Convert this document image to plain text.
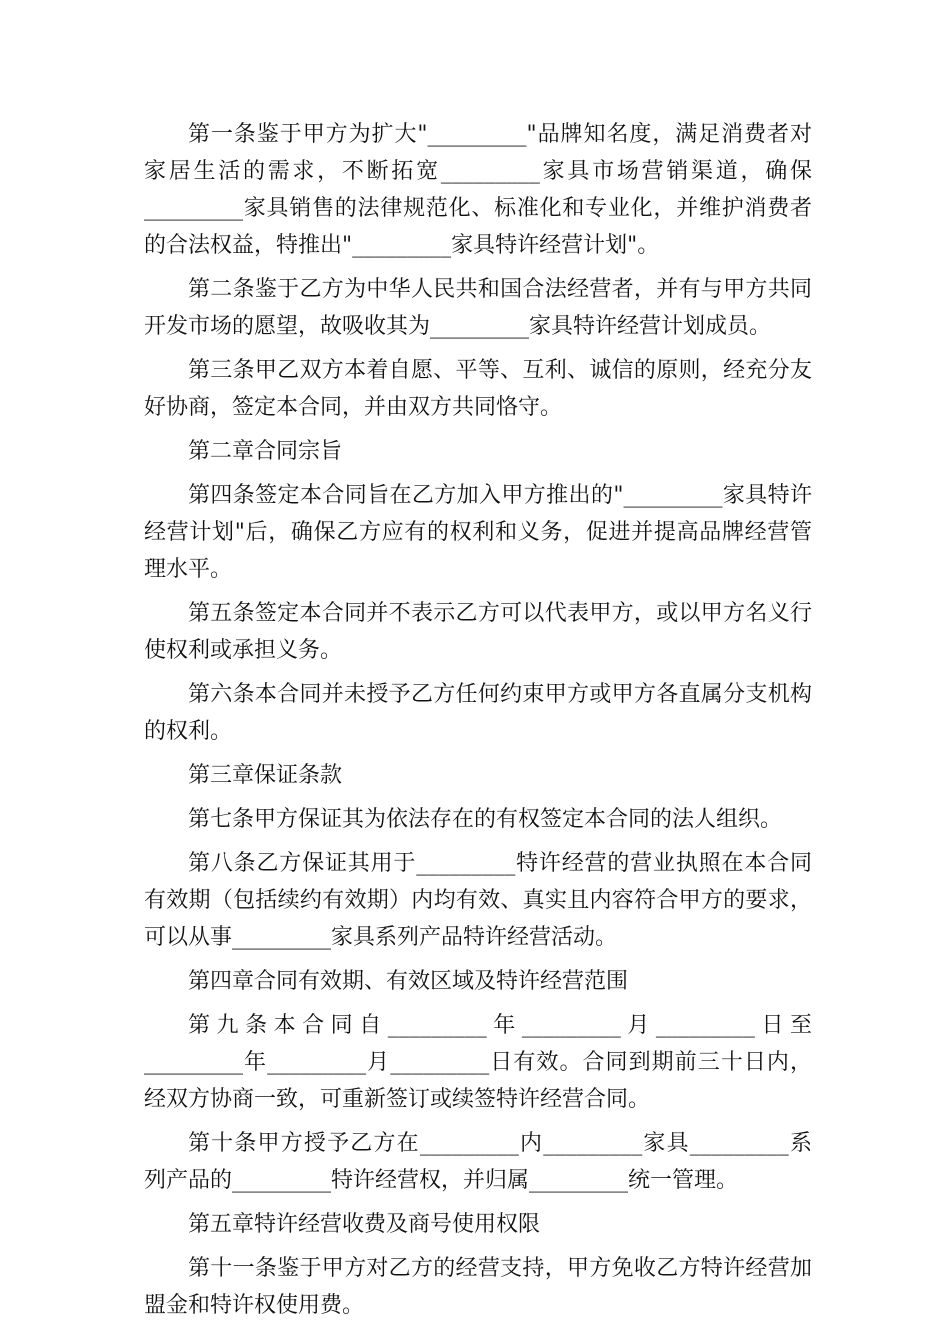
第一条鉴于甲方为扩大"_________"品牌知名度，满足消费者对家居生活的需求，不断拓宽_________家具市场营销渠道，确保_________家具销售的法律规范化、标准化和专业化，并维护消费者的合法权益，特推出"_________家具特许经营计划"。

第二条鉴于乙方为中华人民共和国合法经营者，并有与甲方共同开发市场的愿望，故吸收其为_________家具特许经营计划成员。

第三条甲乙双方本着自愿、平等、互利、诚信的原则，经充分友好协商，签定本合同，并由双方共同恪守。

第二章合同宗旨

第四条签定本合同旨在乙方加入甲方推出的"_________家具特许经营计划"后，确保乙方应有的权利和义务，促进并提高品牌经营管理水平。

第五条签定本合同并不表示乙方可以代表甲方，或以甲方名义行使权利或承担义务。

第六条本合同并未授予乙方任何约束甲方或甲方各直属分支机构的权利。

第三章保证条款

第七条甲方保证其为依法存在的有权签定本合同的法人组织。

第八条乙方保证其用于_________特许经营的营业执照在本合同有效期（包括续约有效期）内均有效、真实且内容符合甲方的要求，可以从事_________家具系列产品特许经营活动。

第四章合同有效期、有效区域及特许经营范围

第九条本合同自_________年_________月_________日至_________年_________月_________日有效。合同到期前三十日内，经双方协商一致，可重新签订或续签特许经营合同。

第十条甲方授予乙方在_________内_________家具_________系列产品的_________特许经营权，并归属_________统一管理。

第五章特许经营收费及商号使用权限

第十一条鉴于甲方对乙方的经营支持，甲方免收乙方特许经营加盟金和特许权使用费。
